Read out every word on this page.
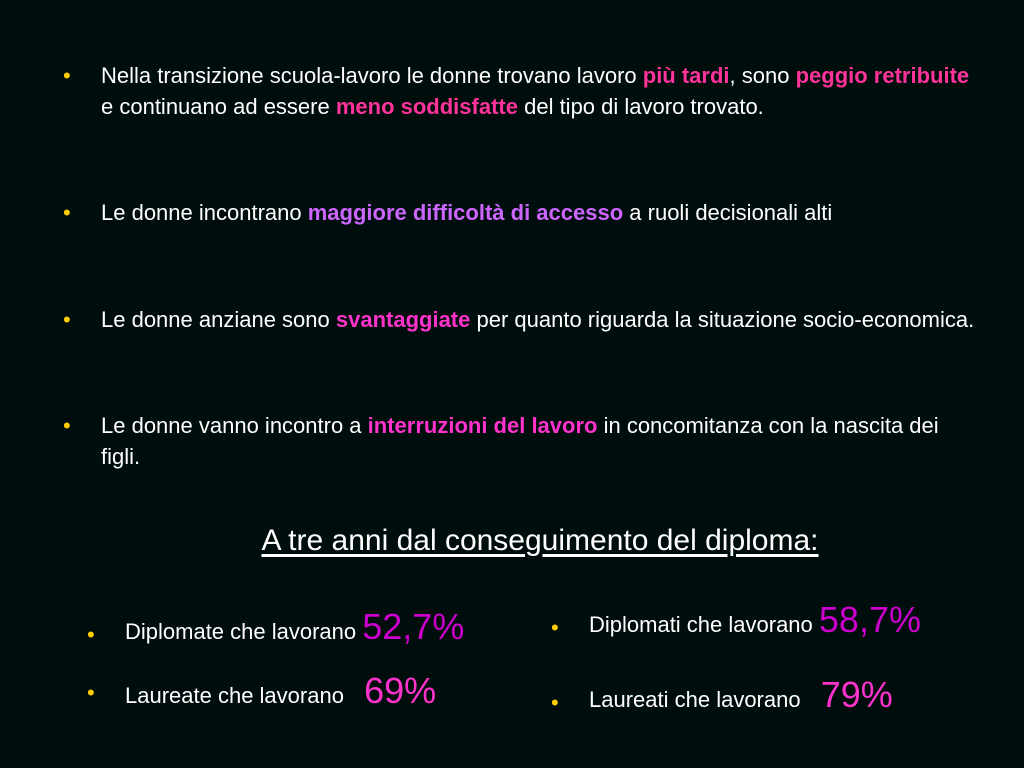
• Nella transizione scuola-lavoro le donne trovano lavoro più tardi, sono peggio retribuite e continuano ad essere meno soddisfatte del tipo di lavoro trovato.
• Le donne incontrano maggiore difficoltà di accesso a ruoli decisionali alti
• Le donne anziane sono svantaggiate per quanto riguarda la situazione socio-economica.
• Le donne vanno incontro a interruzioni del lavoro in concomitanza con la nascita dei figli.
A tre anni dal conseguimento del diploma:
• Diplomate che lavorano 52,7%
• Laureate che lavorano 69%
• Diplomati che lavorano 58,7%
• Laureati che lavorano 79%
